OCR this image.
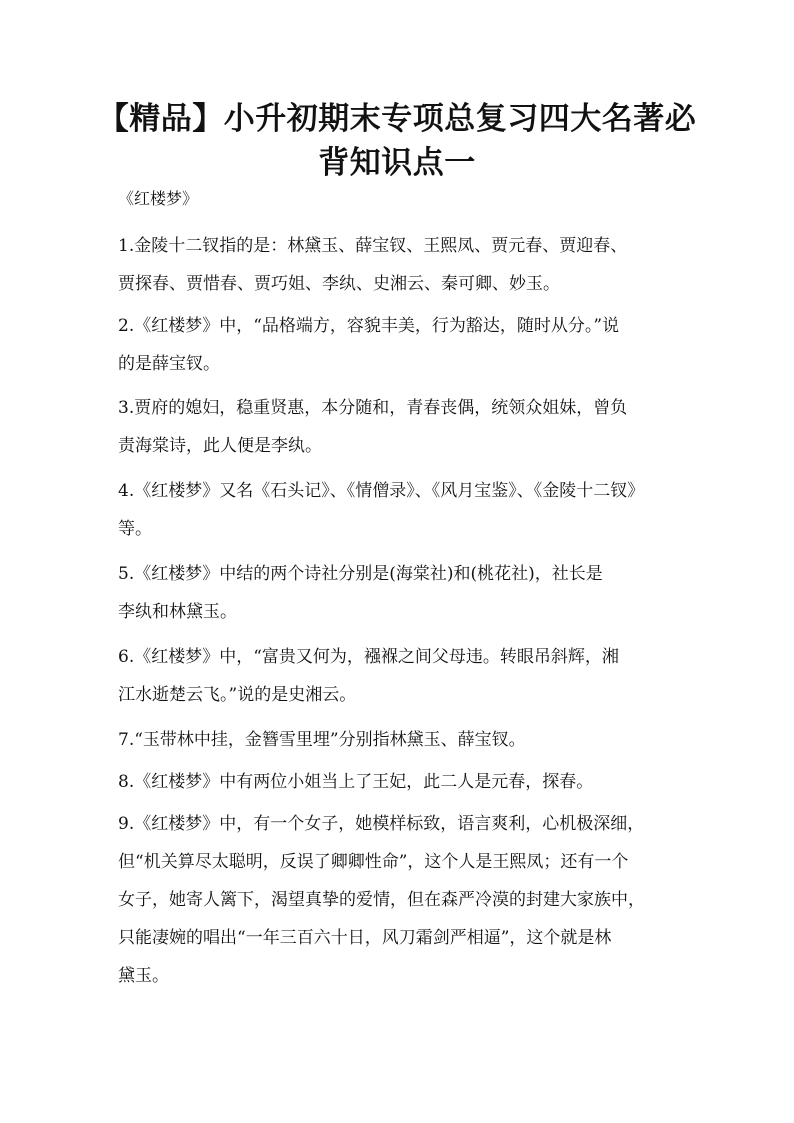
【精品】小升初期末专项总复习四大名著必
背知识点一
《红楼梦》
1.金陵十二钗指的是：林黛玉、薛宝钗、王熙凤、贾元春、贾迎春、
贾探春、贾惜春、贾巧姐、李纨、史湘云、秦可卿、妙玉。
2.《红楼梦》中，“品格端方，容貌丰美，行为豁达，随时从分。”说
的是薛宝钗。
3.贾府的媳妇，稳重贤惠，本分随和，青春丧偶，统领众姐妹，曾负
责海棠诗，此人便是李纨。
4.《红楼梦》又名《石头记》、《情僧录》、《风月宝鉴》、《金陵十二钗》
等。
5.《红楼梦》中结的两个诗社分别是(海棠社)和(桃花社)，社长是
李纨和林黛玉。
6.《红楼梦》中，“富贵又何为，襁褓之间父母违。转眼吊斜辉，湘
江水逝楚云飞。”说的是史湘云。
7.“玉带林中挂，金簪雪里埋”分别指林黛玉、薛宝钗。
8.《红楼梦》中有两位小姐当上了王妃，此二人是元春，探春。
9.《红楼梦》中，有一个女子，她模样标致，语言爽利，心机极深细，
但“机关算尽太聪明，反误了卿卿性命”，这个人是王熙凤；还有一个
女子，她寄人篱下，渴望真挚的爱情，但在森严冷漠的封建大家族中，
只能凄婉的唱出“一年三百六十日，风刀霜剑严相逼”，这个就是林
黛玉。
